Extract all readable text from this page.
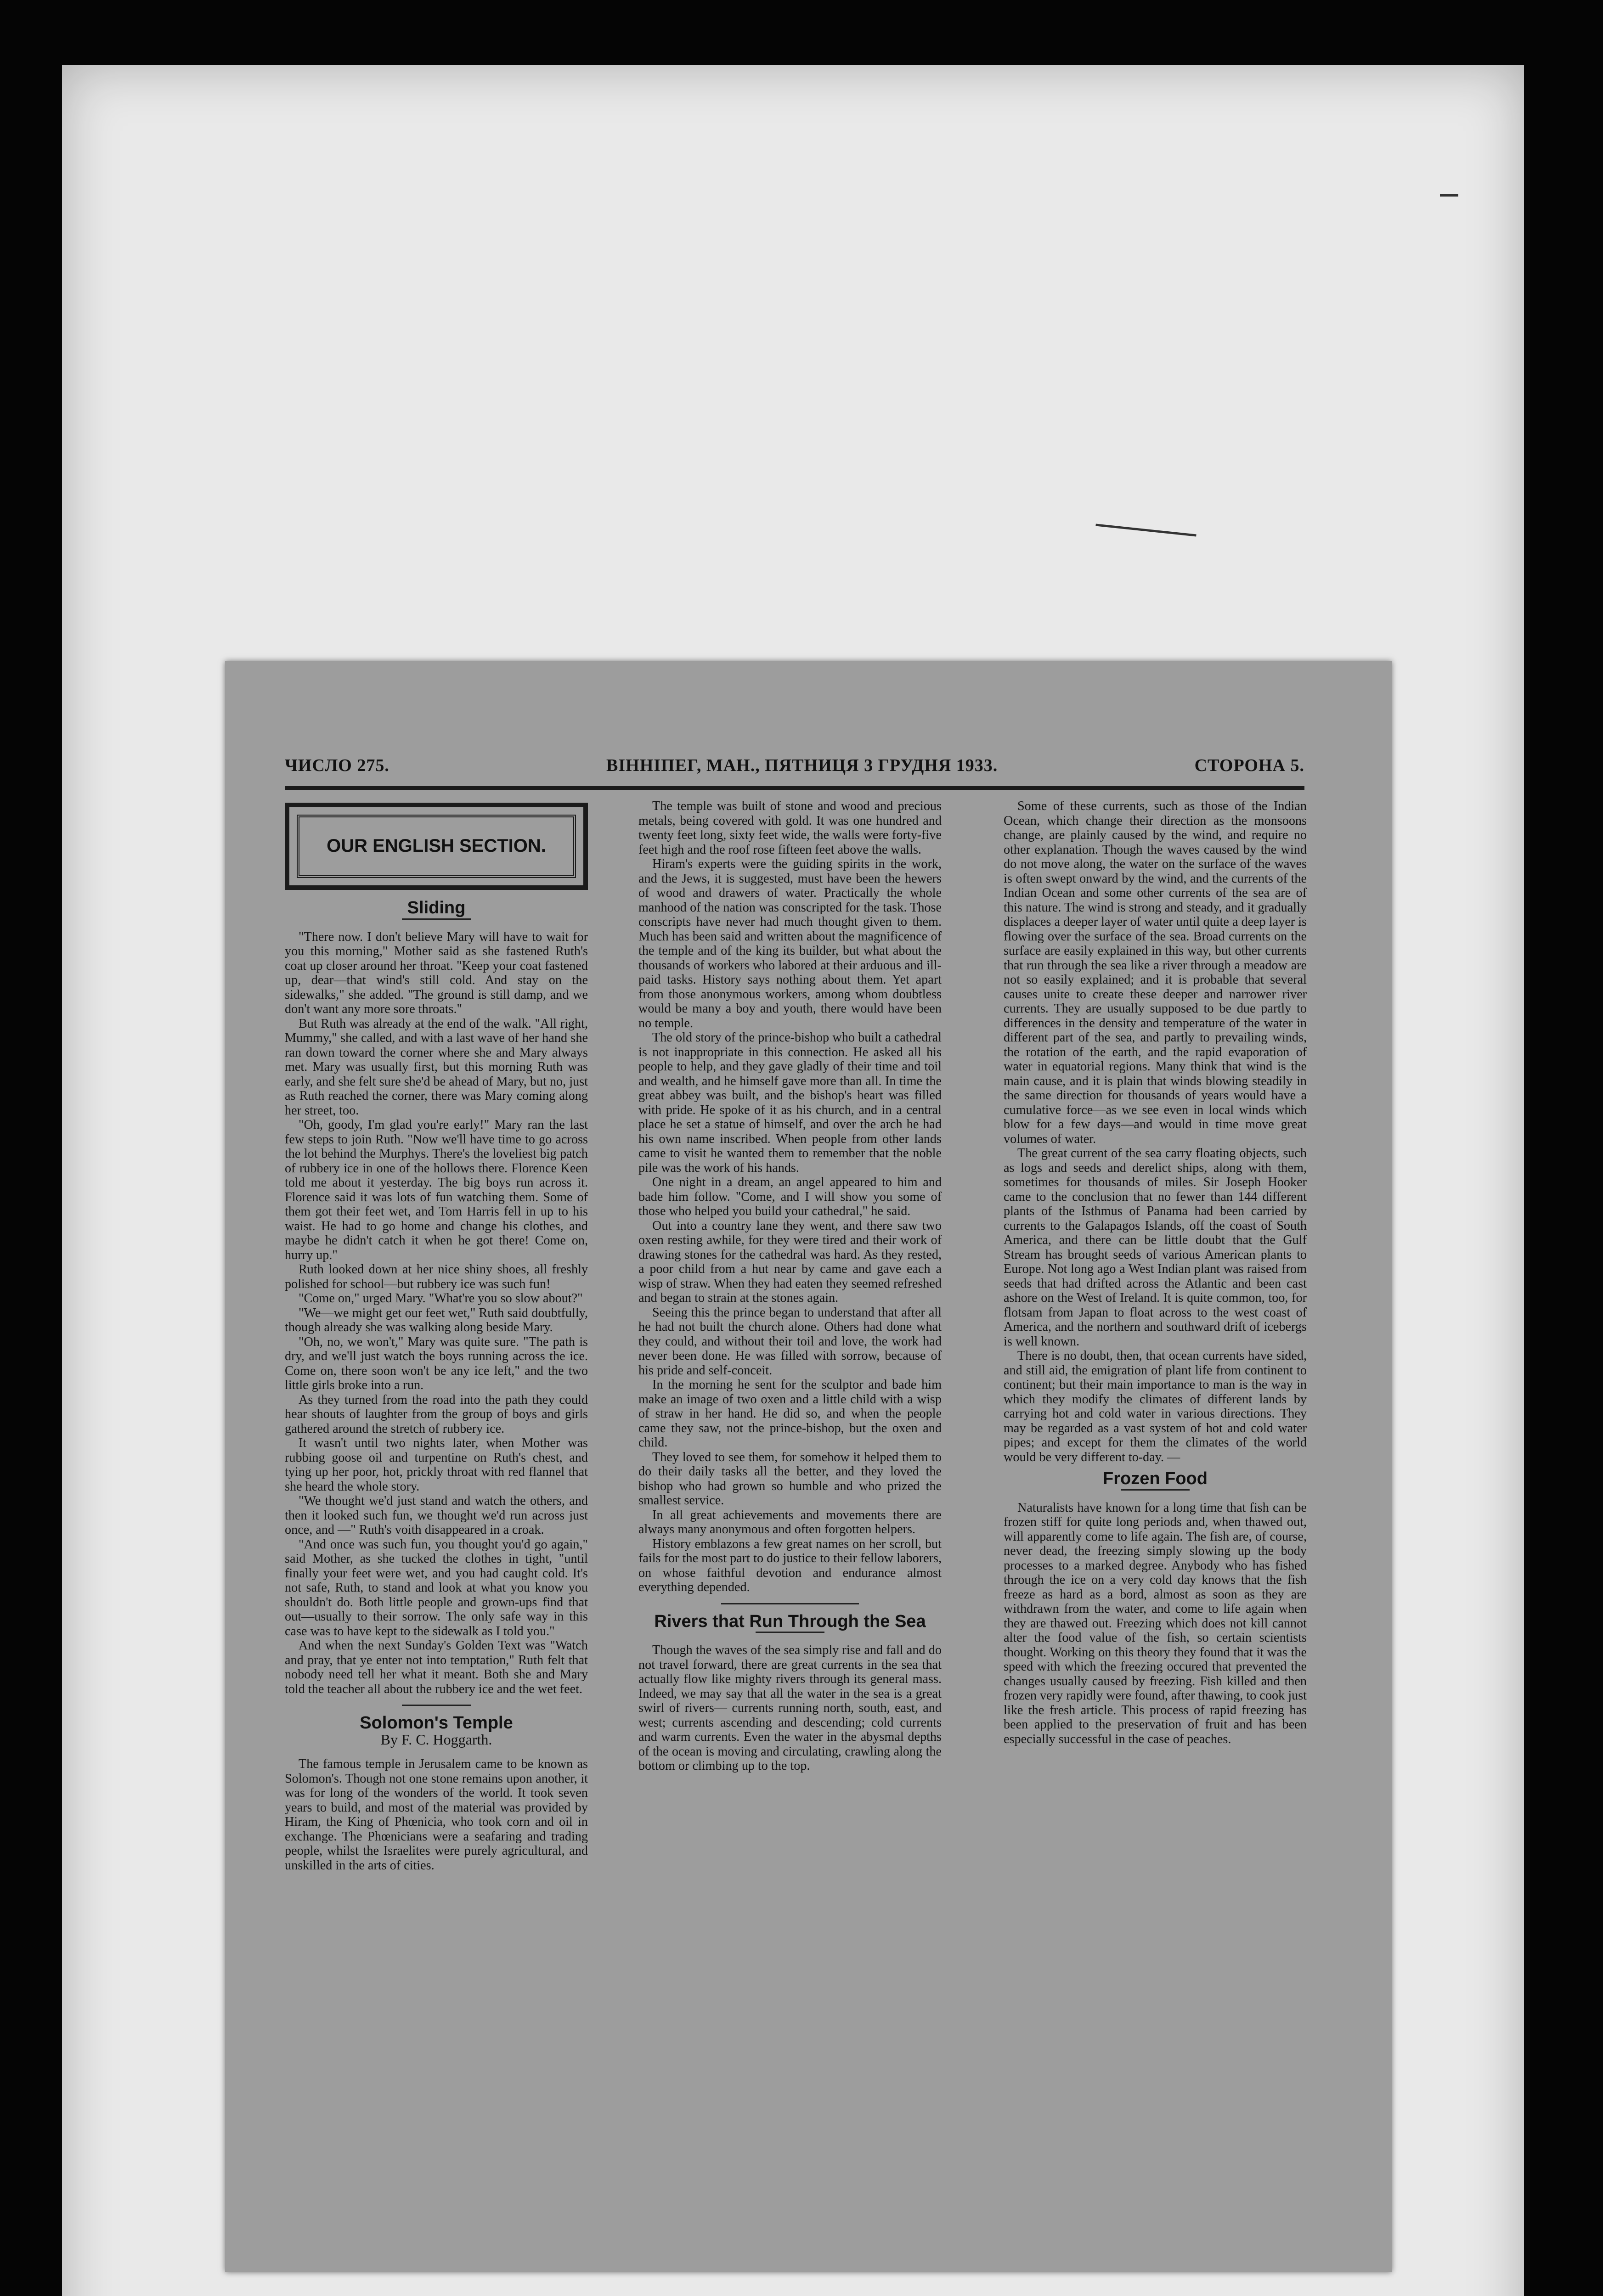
ЧИСЛО 275.	ВІННІПЕГ, МАН., ПЯТНИЦЯ 3 ГРУДНЯ 1933.	СТОРОНА 5.
OUR ENGLISH SECTION.
Sliding

"There now. I don't believe Mary will have to wait for you this morning," Mother said as she fastened Ruth's coat up closer around her throat. "Keep your coat fastened up, dear—that wind's still cold. And stay on the sidewalks," she added. "The ground is still damp, and we don't want any more sore throats."

But Ruth was already at the end of the walk. "All right, Mummy," she called, and with a last wave of her hand she ran down toward the corner where she and Mary always met. Mary was usually first, but this morning Ruth was early, and she felt sure she'd be ahead of Mary, but no, just as Ruth reached the corner, there was Mary coming along her street, too.

"Oh, goody, I'm glad you're early!" Mary ran the last few steps to join Ruth. "Now we'll have time to go across the lot behind the Murphys. There's the loveliest big patch of rubbery ice in one of the hollows there. Florence Keen told me about it yesterday. The big boys run across it. Florence said it was lots of fun watching them. Some of them got their feet wet, and Tom Harris fell in up to his waist. He had to go home and change his clothes, and maybe he didn't catch it when he got there! Come on, hurry up."

Ruth looked down at her nice shiny shoes, all freshly polished for school—but rubbery ice was such fun!

"Come on," urged Mary. "What're you so slow about?"

"We—we might get our feet wet," Ruth said doubtfully, though already she was walking along beside Mary.

"Oh, no, we won't," Mary was quite sure. "The path is dry, and we'll just watch the boys running across the ice. Come on, there soon won't be any ice left," and the two little girls broke into a run.

As they turned from the road into the path they could hear shouts of laughter from the group of boys and girls gathered around the stretch of rubbery ice.

It wasn't until two nights later, when Mother was rubbing goose oil and turpentine on Ruth's chest, and tying up her poor, hot, prickly throat with red flannel that she heard the whole story.

"We thought we'd just stand and watch the others, and then it looked such fun, we thought we'd run across just once, and —" Ruth's voith disappeared in a croak.

"And once was such fun, you thought you'd go again," said Mother, as she tucked the clothes in tight, "until finally your feet were wet, and you had caught cold. It's not safe, Ruth, to stand and look at what you know you shouldn't do. Both little people and grown-ups find that out—usually to their sorrow. The only safe way in this case was to have kept to the sidewalk as I told you."

And when the next Sunday's Golden Text was "Watch and pray, that ye enter not into temptation," Ruth felt that nobody need tell her what it meant. Both she and Mary told the teacher all about the rubbery ice and the wet feet.

Solomon's Temple
By F. C. Hoggarth.

The famous temple in Jerusalem came to be known as Solomon's. Though not one stone remains upon another, it was for long of the wonders of the world. It took seven years to build, and most of the material was provided by Hiram, the King of Phœnicia, who took corn and oil in exchange. The Phœnicians were a seafaring and trading people, whilst the Israelites were purely agricultural, and unskilled in the arts of cities.

The temple was built of stone and wood and precious metals, being covered with gold. It was one hundred and twenty feet long, sixty feet wide, the walls were forty-five feet high and the roof rose fifteen feet above the walls.

Hiram's experts were the guiding spirits in the work, and the Jews, it is suggested, must have been the hewers of wood and drawers of water. Practically the whole manhood of the nation was conscripted for the task. Those conscripts have never had much thought given to them. Much has been said and written about the magnificence of the temple and of the king its builder, but what about the thousands of workers who labored at their arduous and ill-paid tasks. History says nothing about them. Yet apart from those anonymous workers, among whom doubtless would be many a boy and youth, there would have been no temple.

The old story of the prince-bishop who built a cathedral is not inappropriate in this connection. He asked all his people to help, and they gave gladly of their time and toil and wealth, and he himself gave more than all. In time the great abbey was built, and the bishop's heart was filled with pride. He spoke of it as his church, and in a central place he set a statue of himself, and over the arch he had his own name inscribed. When people from other lands came to visit he wanted them to remember that the noble pile was the work of his hands.

One night in a dream, an angel appeared to him and bade him follow. "Come, and I will show you some of those who helped you build your cathedral," he said.

Out into a country lane they went, and there saw two oxen resting awhile, for they were tired and their work of drawing stones for the cathedral was hard. As they rested, a poor child from a hut near by came and gave each a wisp of straw. When they had eaten they seemed refreshed and began to strain at the stones again.

Seeing this the prince began to understand that after all he had not built the church alone. Others had done what they could, and without their toil and love, the work had never been done. He was filled with sorrow, because of his pride and self-conceit.

In the morning he sent for the sculptor and bade him make an image of two oxen and a little child with a wisp of straw in her hand. He did so, and when the people came they saw, not the prince-bishop, but the oxen and child.

They loved to see them, for somehow it helped them to do their daily tasks all the better, and they loved the bishop who had grown so humble and who prized the smallest service.

In all great achievements and movements there are always many anonymous and often forgotten helpers.

History emblazons a few great names on her scroll, but fails for the most part to do justice to their fellow laborers, on whose faithful devotion and endurance almost everything depended.

Rivers that Run Through the Sea

Though the waves of the sea simply rise and fall and do not travel forward, there are great currents in the sea that actually flow like mighty rivers through its general mass. Indeed, we may say that all the water in the sea is a great swirl of rivers— currents running north, south, east, and west; currents ascending and descending; cold currents and warm currents. Even the water in the abysmal depths of the ocean is moving and circulating, crawling along the bottom or climbing up to the top.

Some of these currents, such as those of the Indian Ocean, which change their direction as the monsoons change, are plainly caused by the wind, and require no other explanation. Though the waves caused by the wind do not move along, the water on the surface of the waves is often swept onward by the wind, and the currents of the Indian Ocean and some other currents of the sea are of this nature. The wind is strong and steady, and it gradually displaces a deeper layer of water until quite a deep layer is flowing over the surface of the sea. Broad currents on the surface are easily explained in this way, but other currents that run through the sea like a river through a meadow are not so easily explained; and it is probable that several causes unite to create these deeper and narrower river currents. They are usually supposed to be due partly to differences in the density and temperature of the water in different part of the sea, and partly to prevailing winds, the rotation of the earth, and the rapid evaporation of water in equatorial regions. Many think that wind is the main cause, and it is plain that winds blowing steadily in the same direction for thousands of years would have a cumulative force—as we see even in local winds which blow for a few days—and would in time move great volumes of water.

The great current of the sea carry floating objects, such as logs and seeds and derelict ships, along with them, sometimes for thousands of miles. Sir Joseph Hooker came to the conclusion that no fewer than 144 different plants of the Isthmus of Panama had been carried by currents to the Galapagos Islands, off the coast of South America, and there can be little doubt that the Gulf Stream has brought seeds of various American plants to Europe. Not long ago a West Indian plant was raised from seeds that had drifted across the Atlantic and been cast ashore on the West of Ireland. It is quite common, too, for flotsam from Japan to float across to the west coast of America, and the northern and southward drift of icebergs is well known.

There is no doubt, then, that ocean currents have sided, and still aid, the emigration of plant life from continent to continent; but their main importance to man is the way in which they modify the climates of different lands by carrying hot and cold water in various directions. They may be regarded as a vast system of hot and cold water pipes; and except for them the climates of the world would be very different to-day. —

Frozen Food

Naturalists have known for a long time that fish can be frozen stiff for quite long periods and, when thawed out, will apparently come to life again. The fish are, of course, never dead, the freezing simply slowing up the body processes to a marked degree. Anybody who has fished through the ice on a very cold day knows that the fish freeze as hard as a bord, almost as soon as they are withdrawn from the water, and come to life again when they are thawed out. Freezing which does not kill cannot alter the food value of the fish, so certain scientists thought. Working on this theory they found that it was the speed with which the freezing occured that prevented the changes usually caused by freezing. Fish killed and then frozen very rapidly were found, after thawing, to cook just like the fresh article. This process of rapid freezing has been applied to the preservation of fruit and has been especially successful in the case of peaches.
